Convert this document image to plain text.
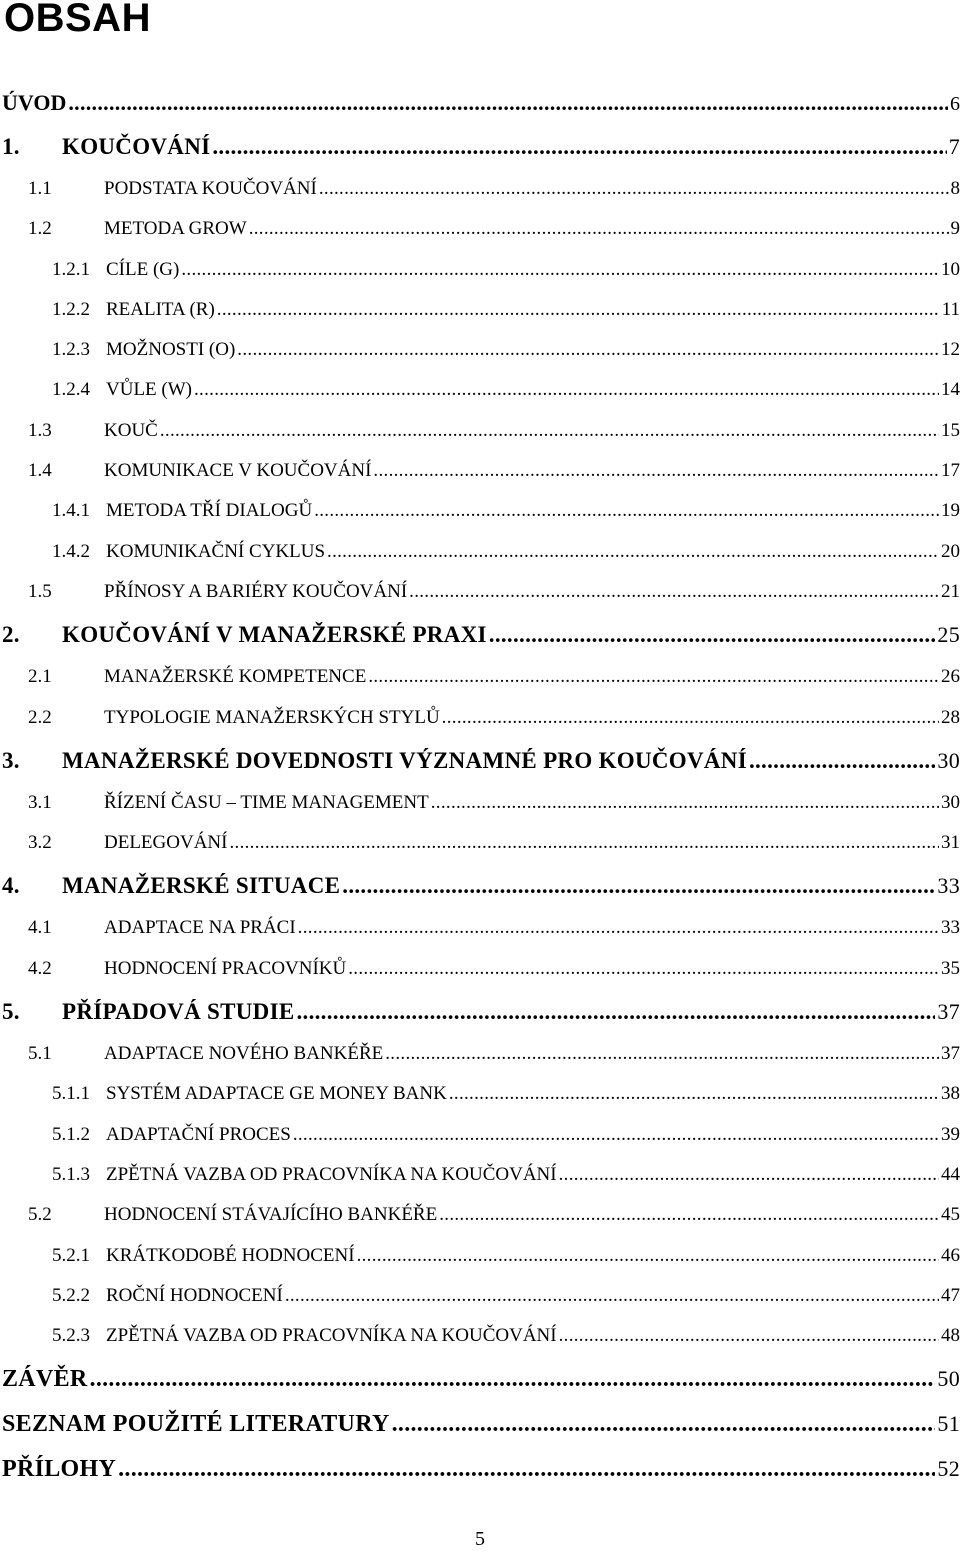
OBSAH
ÚVOD .....	6
1.	KOUČOVÁNÍ .....	7
1.1	PODSTATA KOUČOVÁNÍ .....	8
1.2	METODA GROW .....	9
1.2.1 CÍLE (G) .....	10
1.2.2 REALITA (R) .....	11
1.2.3 MOŽNOSTI (O) .....	12
1.2.4 VŮLE (W) .....	14
1.3	KOUČ .....	15
1.4	KOMUNIKACE V KOUČOVÁNÍ .....	17
1.4.1 METODA TŘÍ DIALOGŮ .....	19
1.4.2 KOMUNIKAČNÍ CYKLUS .....	20
1.5	PŘÍNOSY A BARIÉRY KOUČOVÁNÍ .....	21
2.	KOUČOVÁNÍ V MANAŽERSKÉ PRAXI .....	25
2.1	MANAŽERSKÉ KOMPETENCE .....	26
2.2	TYPOLOGIE MANAŽERSKÝCH STYLŮ .....	28
3.	MANAŽERSKÉ DOVEDNOSTI VÝZNAMNÉ PRO KOUČOVÁNÍ .....	30
3.1	ŘÍZENÍ ČASU – TIME MANAGEMENT .....	30
3.2	DELEGOVÁNÍ .....	31
4.	MANAŽERSKÉ SITUACE .....	33
4.1	ADAPTACE NA PRÁCI .....	33
4.2	HODNOCENÍ PRACOVNÍKŮ .....	35
5.	PŘÍPADOVÁ STUDIE .....	37
5.1	ADAPTACE NOVÉHO BANKÉŘE .....	37
5.1.1 SYSTÉM ADAPTACE GE MONEY BANK .....	38
5.1.2 ADAPTAČNÍ PROCES .....	39
5.1.3 ZPĚTNÁ VAZBA OD PRACOVNÍKA NA KOUČOVÁNÍ .....	44
5.2	HODNOCENÍ STÁVAJÍCÍHO BANKÉŘE .....	45
5.2.1 KRÁTKODOBÉ HODNOCENÍ .....	46
5.2.2 ROČNÍ HODNOCENÍ .....	47
5.2.3 ZPĚTNÁ VAZBA OD PRACOVNÍKA NA KOUČOVÁNÍ .....	48
ZÁVĚR .....	50
SEZNAM POUŽITÉ LITERATURY .....	51
PŘÍLOHY .....	52
5
